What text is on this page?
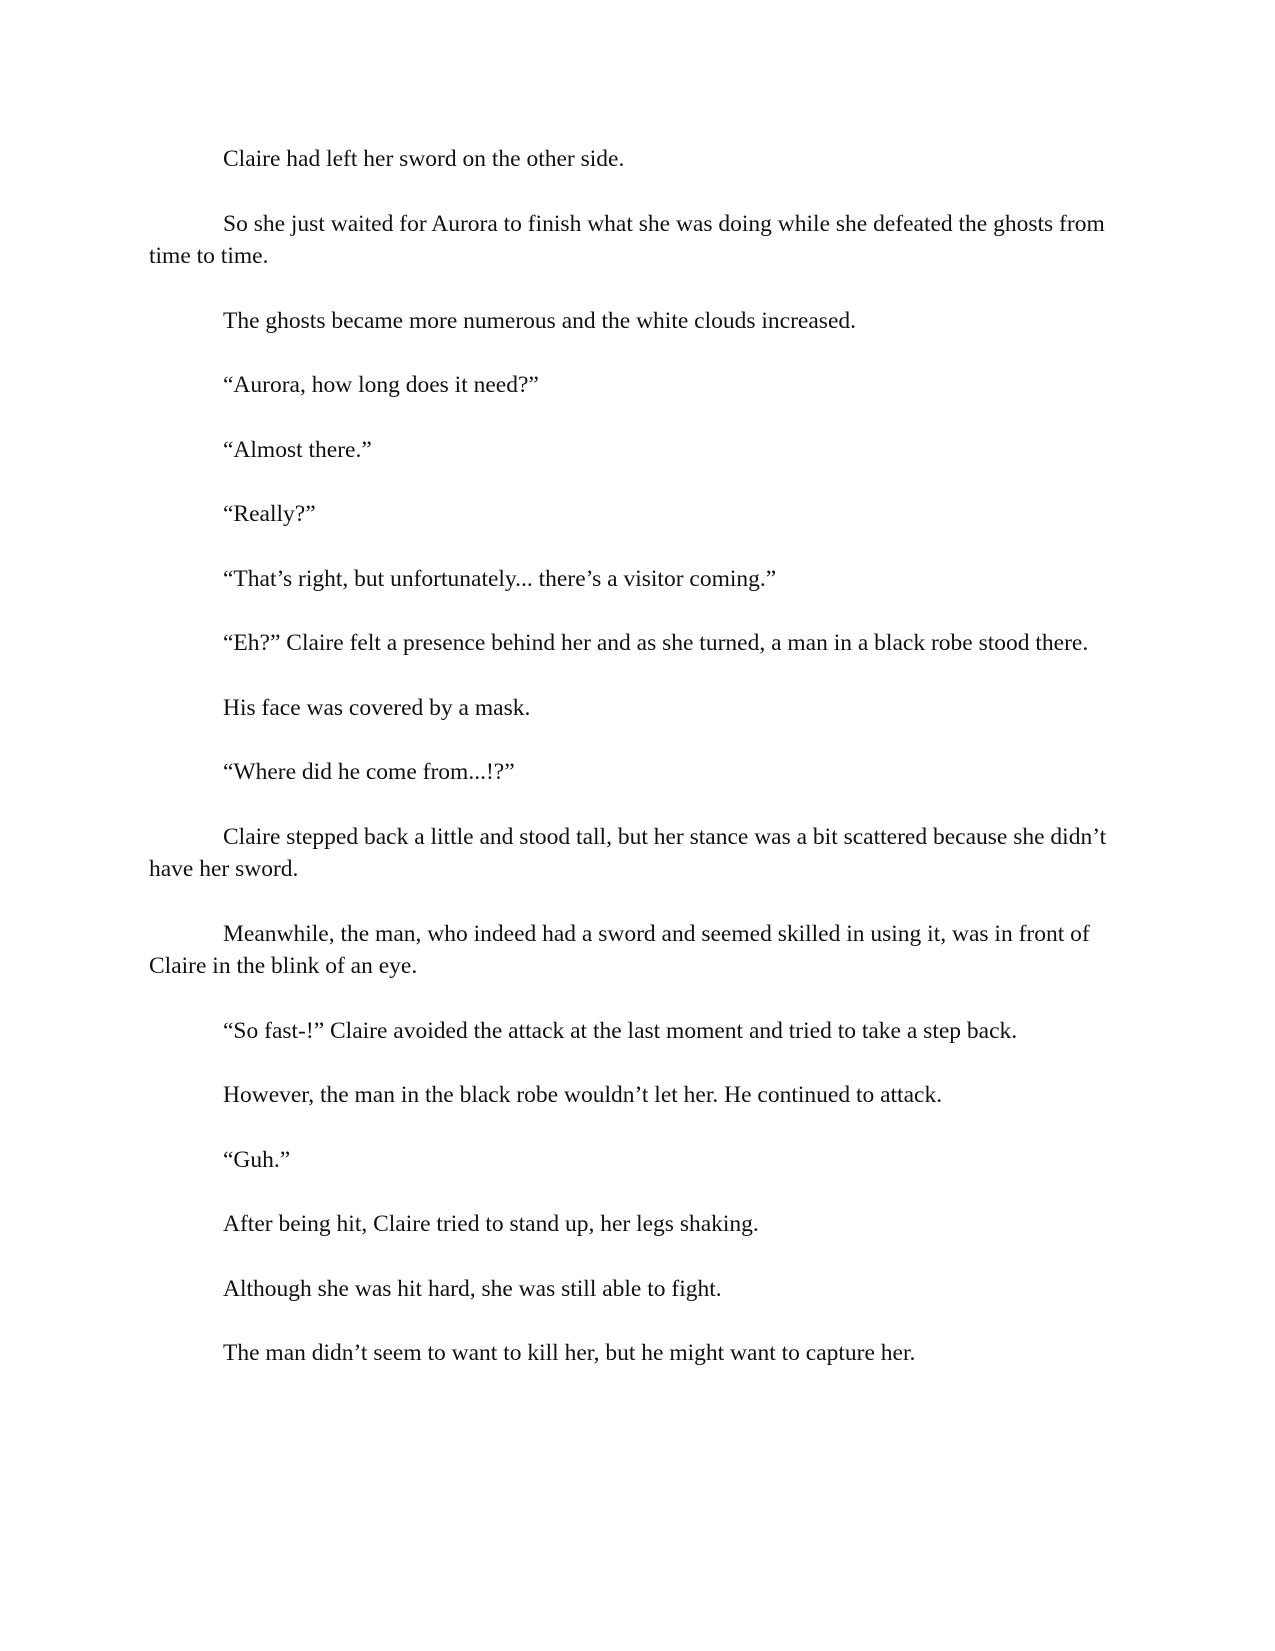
Claire had left her sword on the other side.

So she just waited for Aurora to finish what she was doing while she defeated the ghosts from time to time.

The ghosts became more numerous and the white clouds increased.

“Aurora, how long does it need?”

“Almost there.”

“Really?”

“That’s right, but unfortunately... there’s a visitor coming.”

“Eh?” Claire felt a presence behind her and as she turned, a man in a black robe stood there.

His face was covered by a mask.

“Where did he come from...!?”

Claire stepped back a little and stood tall, but her stance was a bit scattered because she didn’t have her sword.

Meanwhile, the man, who indeed had a sword and seemed skilled in using it, was in front of Claire in the blink of an eye.

“So fast-!” Claire avoided the attack at the last moment and tried to take a step back.

However, the man in the black robe wouldn’t let her. He continued to attack.

“Guh.”

After being hit, Claire tried to stand up, her legs shaking.

Although she was hit hard, she was still able to fight.

The man didn’t seem to want to kill her, but he might want to capture her.
